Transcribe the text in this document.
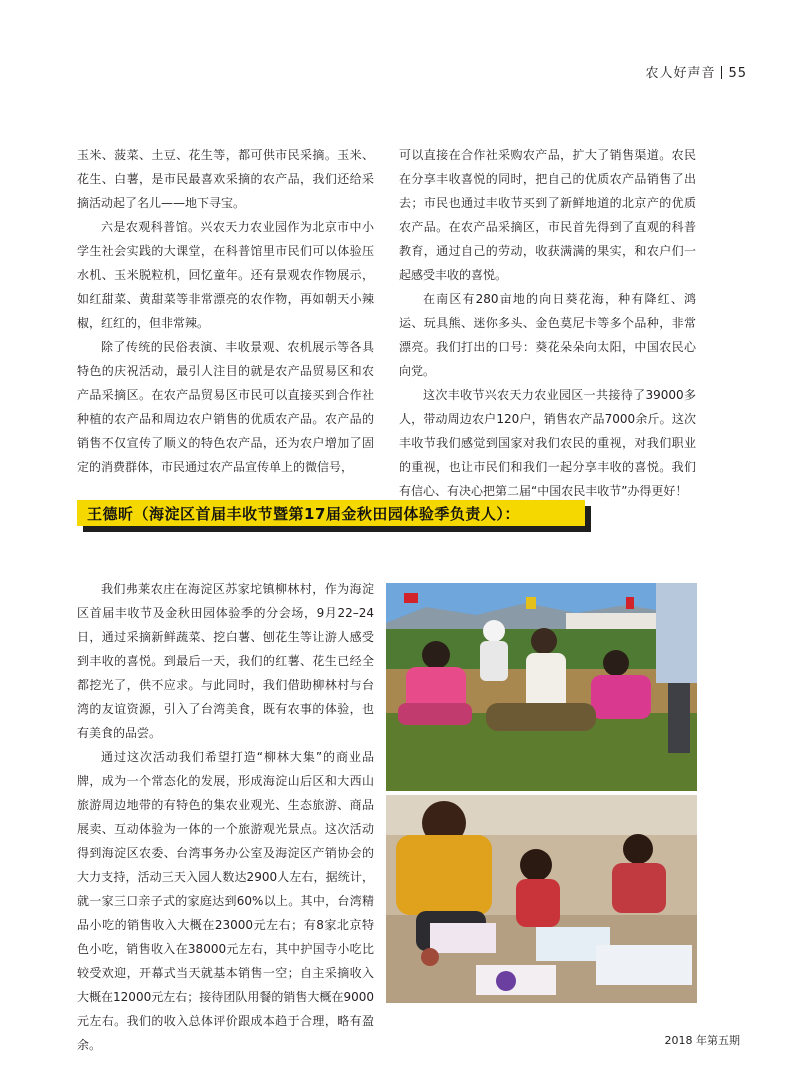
农人好声音 55

玉米、菠菜、土豆、花生等，都可供市民采摘。玉米、花生、白薯，是市民最喜欢采摘的农产品，我们还给采摘活动起了名儿——地下寻宝。

六是农观科普馆。兴农天力农业园作为北京市中小学生社会实践的大课堂，在科普馆里市民们可以体验压水机、玉米脱粒机，回忆童年。还有景观农作物展示，如红甜菜、黄甜菜等非常漂亮的农作物，再如朝天小辣椒，红红的，但非常辣。

除了传统的民俗表演、丰收景观、农机展示等各具特色的庆祝活动，最引人注目的就是农产品贸易区和农产品采摘区。在农产品贸易区市民可以直接买到合作社种植的农产品和周边农户销售的优质农产品。农产品的销售不仅宣传了顺义的特色农产品，还为农户增加了固定的消费群体，市民通过农产品宣传单上的微信号，

可以直接在合作社采购农产品，扩大了销售渠道。农民在分享丰收喜悦的同时，把自己的优质农产品销售了出去；市民也通过丰收节买到了新鲜地道的北京产的优质农产品。在农产品采摘区，市民首先得到了直观的科普教育，通过自己的劳动，收获满满的果实，和农户们一起感受丰收的喜悦。

在南区有280亩地的向日葵花海，种有降红、鸿运、玩具熊、迷你多头、金色莫尼卡等多个品种，非常漂亮。我们打出的口号：葵花朵朵向太阳，中国农民心向党。

这次丰收节兴农天力农业园区一共接待了39000多人，带动周边农户120户，销售农产品7000余斤。这次丰收节我们感觉到国家对我们农民的重视，对我们职业的重视，也让市民们和我们一起分享丰收的喜悦。我们有信心、有决心把第二届“中国农民丰收节”办得更好！

王德昕（海淀区首届丰收节暨第17届金秋田园体验季负责人）：

我们弗莱农庄在海淀区苏家坨镇柳林村，作为海淀区首届丰收节及金秋田园体验季的分会场，9月22–24日，通过采摘新鲜蔬菜、挖白薯、刨花生等让游人感受到丰收的喜悦。到最后一天，我们的红薯、花生已经全都挖光了，供不应求。与此同时，我们借助柳林村与台湾的友谊资源，引入了台湾美食，既有农事的体验，也有美食的品尝。

通过这次活动我们希望打造“柳林大集”的商业品牌，成为一个常态化的发展，形成海淀山后区和大西山旅游周边地带的有特色的集农业观光、生态旅游、商品展卖、互动体验为一体的一个旅游观光景点。这次活动得到海淀区农委、台湾事务办公室及海淀区产销协会的大力支持，活动三天入园人数达2900人左右，据统计，就一家三口亲子式的家庭达到60%以上。其中，台湾精品小吃的销售收入大概在23000元左右；有8家北京特色小吃，销售收入在38000元左右，其中护国寺小吃比较受欢迎，开幕式当天就基本销售一空；自主采摘收入大概在12000元左右；接待团队用餐的销售大概在9000元左右。我们的收入总体评价跟成本趋于合理，略有盈余。	2018 年第五期
